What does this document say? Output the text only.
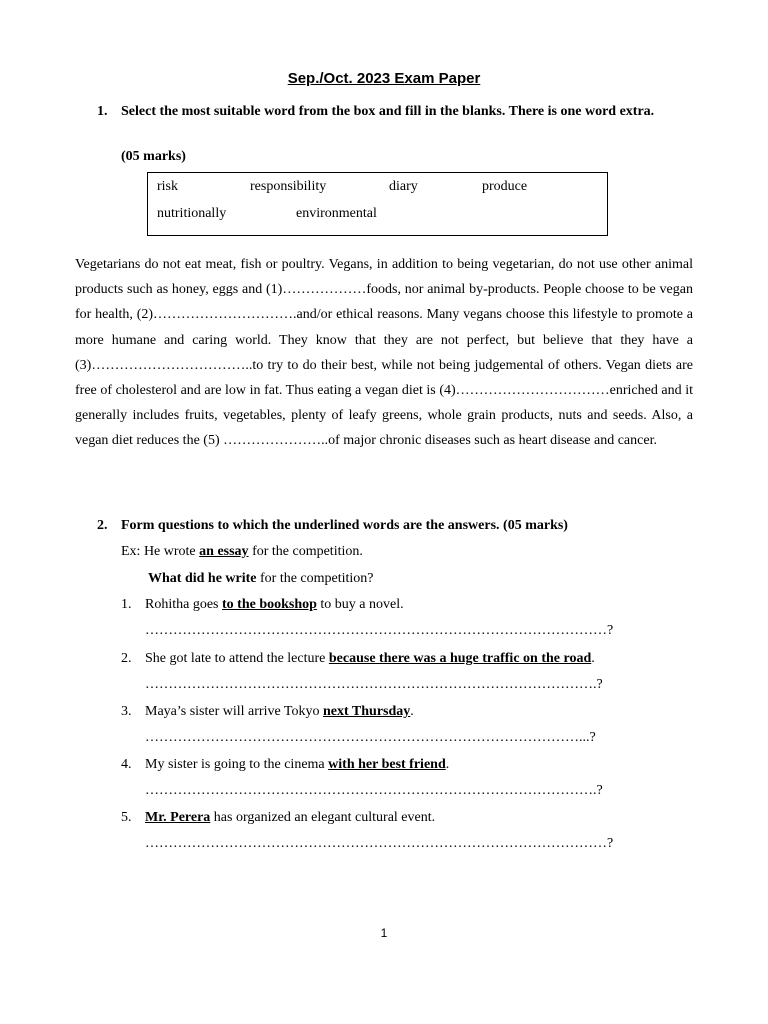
Sep./Oct. 2023 Exam Paper
1. Select the most suitable word from the box and fill in the blanks. There is one word extra.
(05 marks)
risk	responsibility	diary	produce
nutritionally	environmental
Vegetarians do not eat meat, fish or poultry. Vegans, in addition to being vegetarian, do not use other animal products such as honey, eggs and (1)………………foods, nor animal by-products. People choose to be vegan for health, (2)………………………….and/or ethical reasons. Many vegans choose this lifestyle to promote a more humane and caring world. They know that they are not perfect, but believe that they have a (3)……………………………..to try to do their best, while not being judgemental of others. Vegan diets are free of cholesterol and are low in fat. Thus eating a vegan diet is (4)……………………………enriched and it generally includes fruits, vegetables, plenty of leafy greens, whole grain products, nuts and seeds. Also, a vegan diet reduces the (5) …………………..of major chronic diseases such as heart disease and cancer.
2. Form questions to which the underlined words are the answers. (05 marks)
Ex: He wrote an essay for the competition.
What did he write for the competition?
1. Rohitha goes to the bookshop to buy a novel.
………………………………………………………………………………………?
2. She got late to attend the lecture because there was a huge traffic on the road.
…………………………………………………………………………………….?
3. Maya’s sister will arrive Tokyo next Thursday.
…………………………………………………………………………………...?
4. My sister is going to the cinema with her best friend.
…………………………………………………………………………………….?
5. Mr. Perera has organized an elegant cultural event.
………………………………………………………………………………………?
1
